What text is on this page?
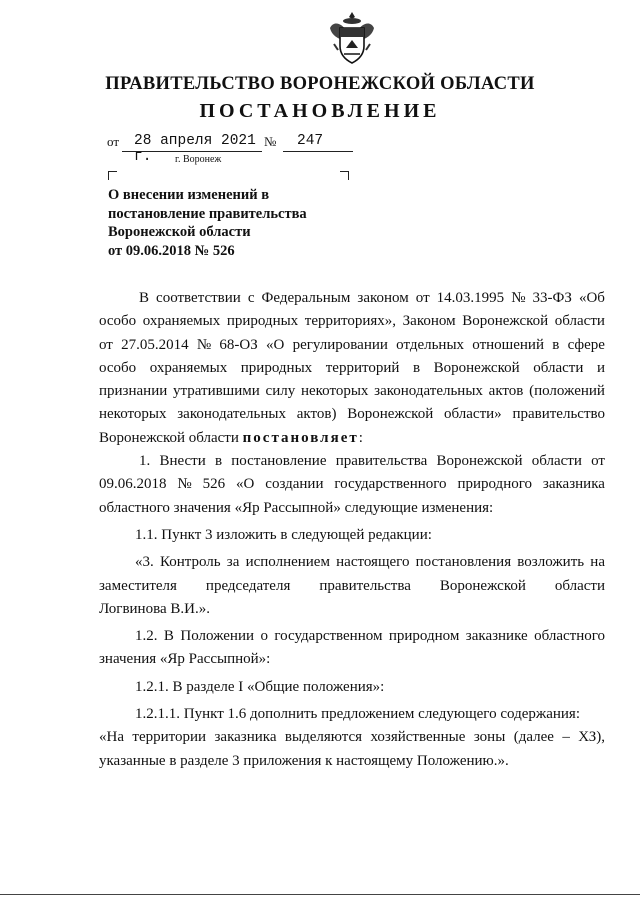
ПРАВИТЕЛЬСТВО ВОРОНЕЖСКОЙ ОБЛАСТИ
ПОСТАНОВЛЕНИЕ
от 28 апреля 2021 г.
№ 247
г. Воронеж
О внесении изменений в
постановление правительства
Воронежской области
от 09.06.2018 № 526
В соответствии с Федеральным законом от 14.03.1995 № 33-ФЗ «Об
особо охраняемых природных территориях», Законом Воронежской области
от 27.05.2014 № 68-ОЗ «О регулировании отдельных отношений в сфере
особо охраняемых природных территорий в Воронежской области и
признании утратившими силу некоторых законодательных актов (положений
некоторых законодательных актов) Воронежской области» правительство
Воронежской области постановляет :
1. Внести в постановление правительства Воронежской области от
09.06.2018 № 526 «О создании государственного природного заказника
областного значения «Яр Рассыпной» следующие изменения:
1.1. Пункт 3 изложить в следующей редакции:
«3. Контроль за исполнением настоящего постановления возложить на
заместителя председателя правительства Воронежской области
Логвинова В.И.».
1.2. В Положении о государственном природном заказнике областного
значения «Яр Рассыпной»:
1.2.1. В разделе I «Общие положения»:
1.2.1.1. Пункт 1.6 дополнить предложением следующего содержания:
«На территории заказника выделяются хозяйственные зоны (далее – ХЗ),
указанные в разделе 3 приложения к настоящему Положению.».
